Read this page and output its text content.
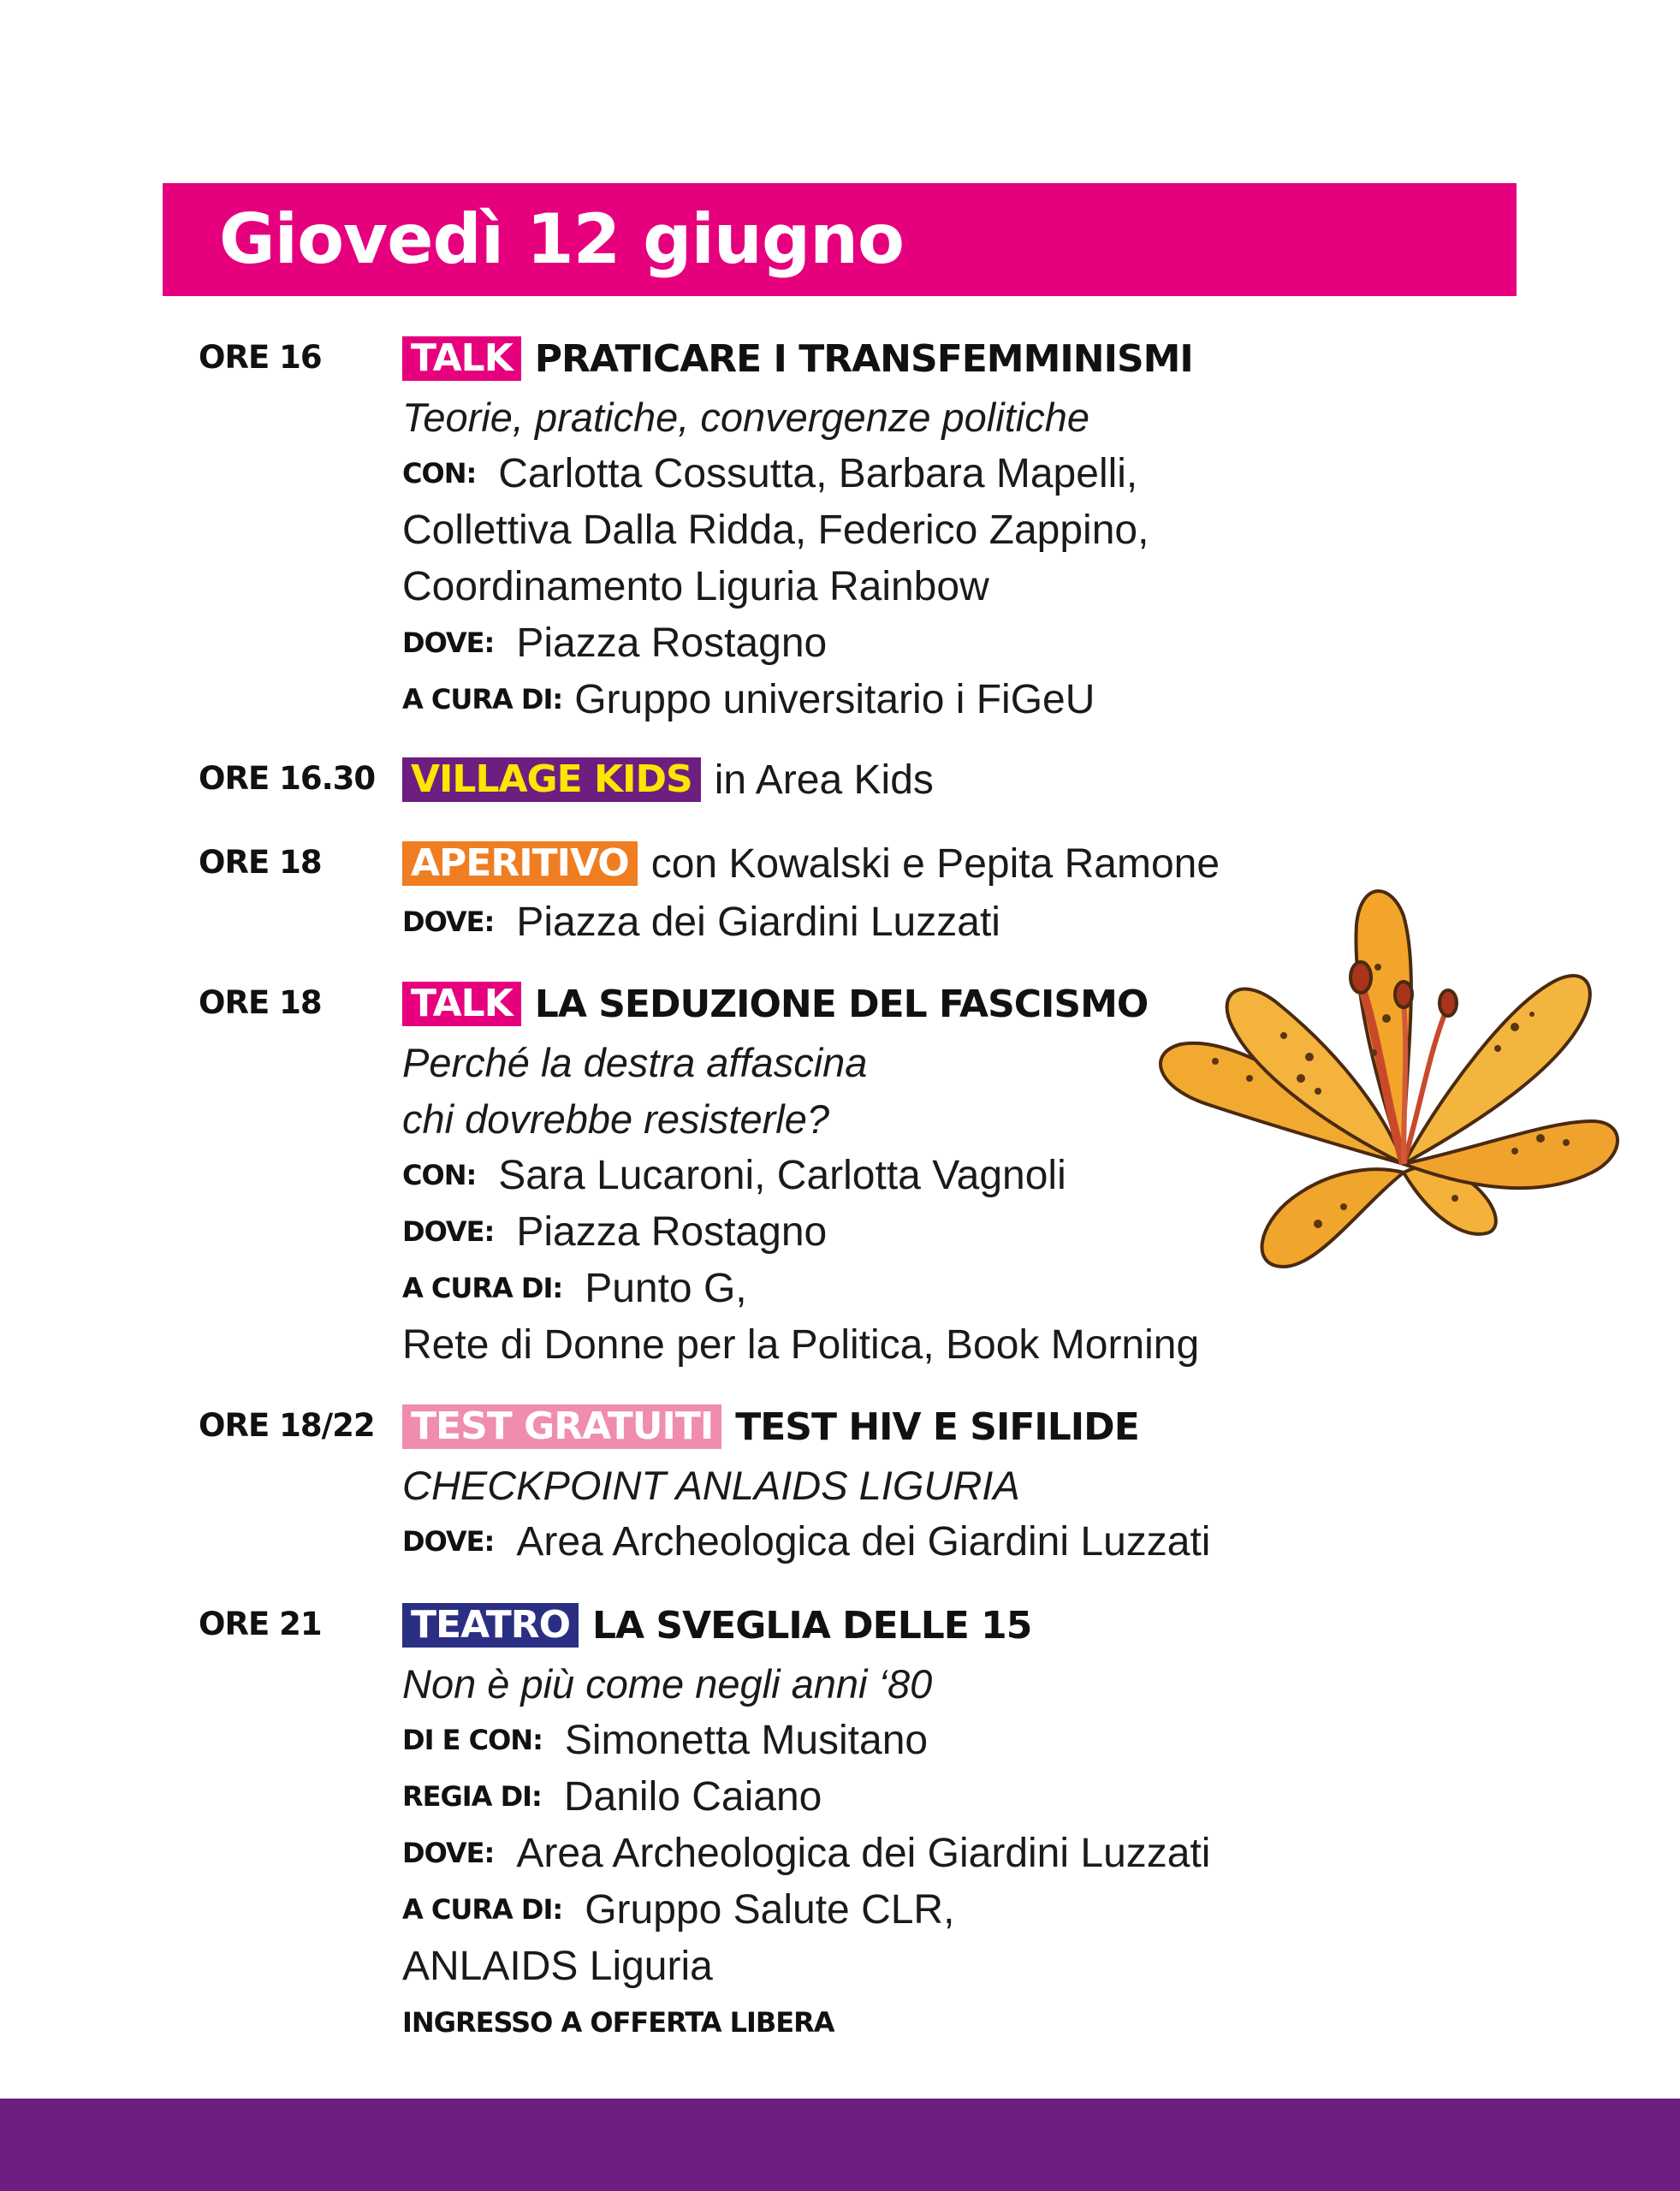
Giovedì 12 giugno
ORE 16 TALK PRATICARE I TRANSFEMMINISMI
Teorie, pratiche, convergenze politiche
CON: Carlotta Cossutta, Barbara Mapelli,
Collettiva Dalla Ridda, Federico Zappino,
Coordinamento Liguria Rainbow
DOVE: Piazza Rostagno
A CURA DI: Gruppo universitario i FiGeU
ORE 16.30 VILLAGE KIDS in Area Kids
ORE 18 APERITIVO con Kowalski e Pepita Ramone
DOVE: Piazza dei Giardini Luzzati
ORE 18 TALK LA SEDUZIONE DEL FASCISMO
Perché la destra affascina
chi dovrebbe resisterle?
CON: Sara Lucaroni, Carlotta Vagnoli
DOVE: Piazza Rostagno
A CURA DI: Punto G,
Rete di Donne per la Politica, Book Morning
ORE 18/22 TEST GRATUITI TEST HIV E SIFILIDE
CHECKPOINT ANLAIDS LIGURIA
DOVE: Area Archeologica dei Giardini Luzzati
ORE 21 TEATRO LA SVEGLIA DELLE 15
Non è più come negli anni ‘80
DI E CON: Simonetta Musitano
REGIA DI: Danilo Caiano
DOVE: Area Archeologica dei Giardini Luzzati
A CURA DI: Gruppo Salute CLR,
ANLAIDS Liguria
INGRESSO A OFFERTA LIBERA
